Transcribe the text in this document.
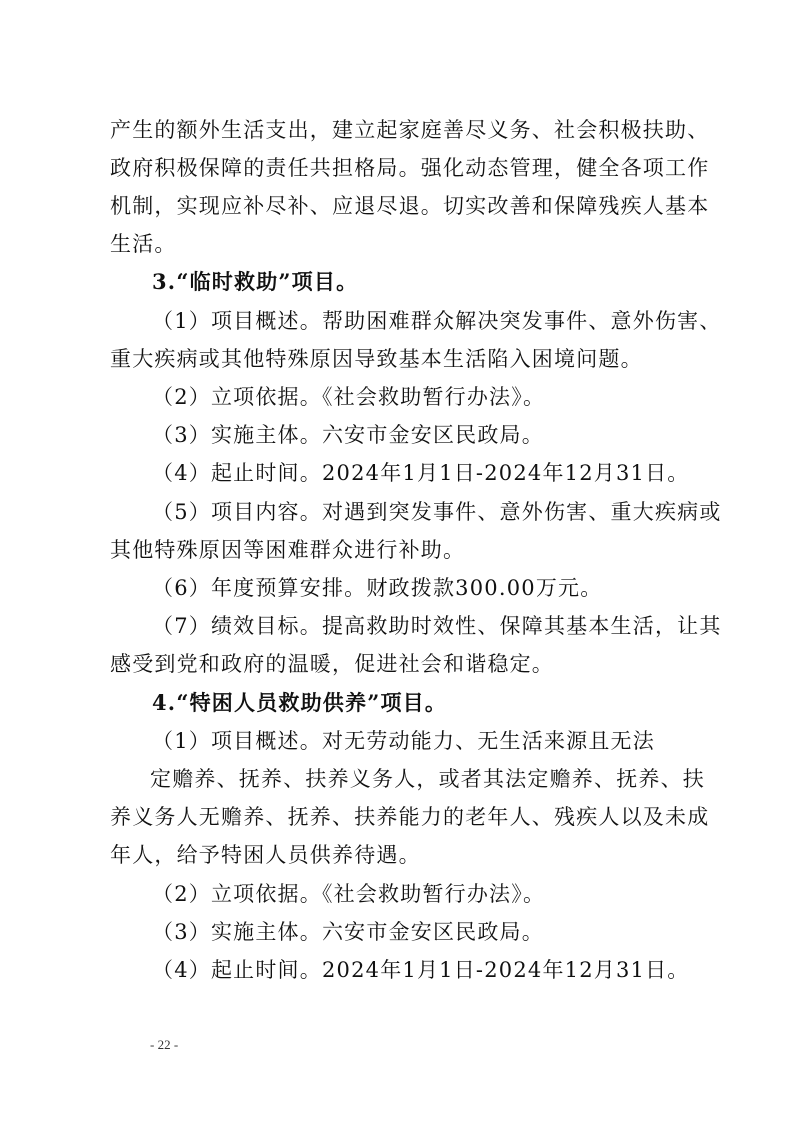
产生的额外生活支出，建立起家庭善尽义务、社会积极扶助、
政府积极保障的责任共担格局。强化动态管理，健全各项工作
机制，实现应补尽补、应退尽退。切实改善和保障残疾人基本
生活。
3.“临时救助”项目。
（1）项目概述。帮助困难群众解决突发事件、意外伤害、
重大疾病或其他特殊原因导致基本生活陷入困境问题。
（2）立项依据。《社会救助暂行办法》。
（3）实施主体。六安市金安区民政局。
（4）起止时间。2024年1月1日-2024年12月31日。
（5）项目内容。对遇到突发事件、意外伤害、重大疾病或
其他特殊原因等困难群众进行补助。
（6）年度预算安排。财政拨款300.00万元。
（7）绩效目标。提高救助时效性、保障其基本生活，让其
感受到党和政府的温暖，促进社会和谐稳定。
4.“特困人员救助供养”项目。
（1）项目概述。对无劳动能力、无生活来源且无法
定赡养、抚养、扶养义务人，或者其法定赡养、抚养、扶
养义务人无赡养、抚养、扶养能力的老年人、残疾人以及未成
年人，给予特困人员供养待遇。
（2）立项依据。《社会救助暂行办法》。
（3）实施主体。六安市金安区民政局。
（4）起止时间。2024年1月1日-2024年12月31日。
- 22 -
